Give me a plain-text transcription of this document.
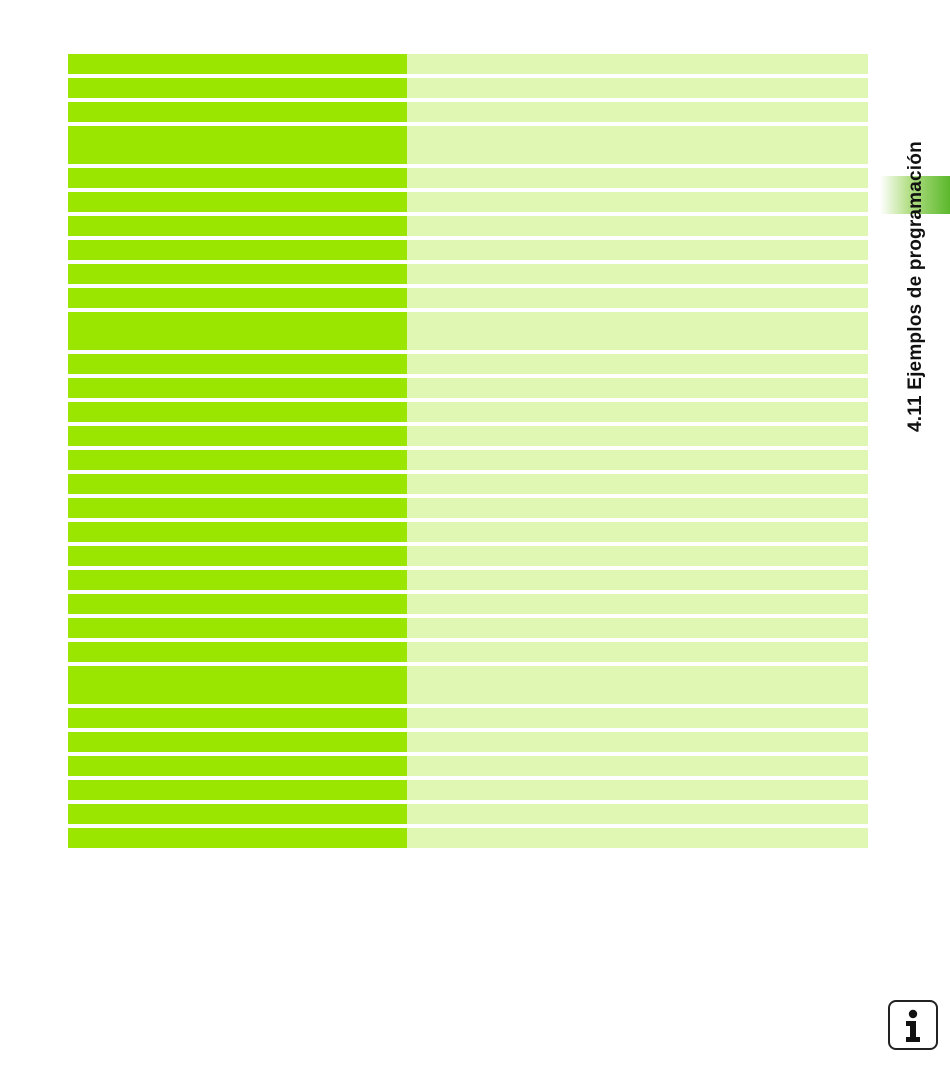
4.11 Ejemplos de programación
